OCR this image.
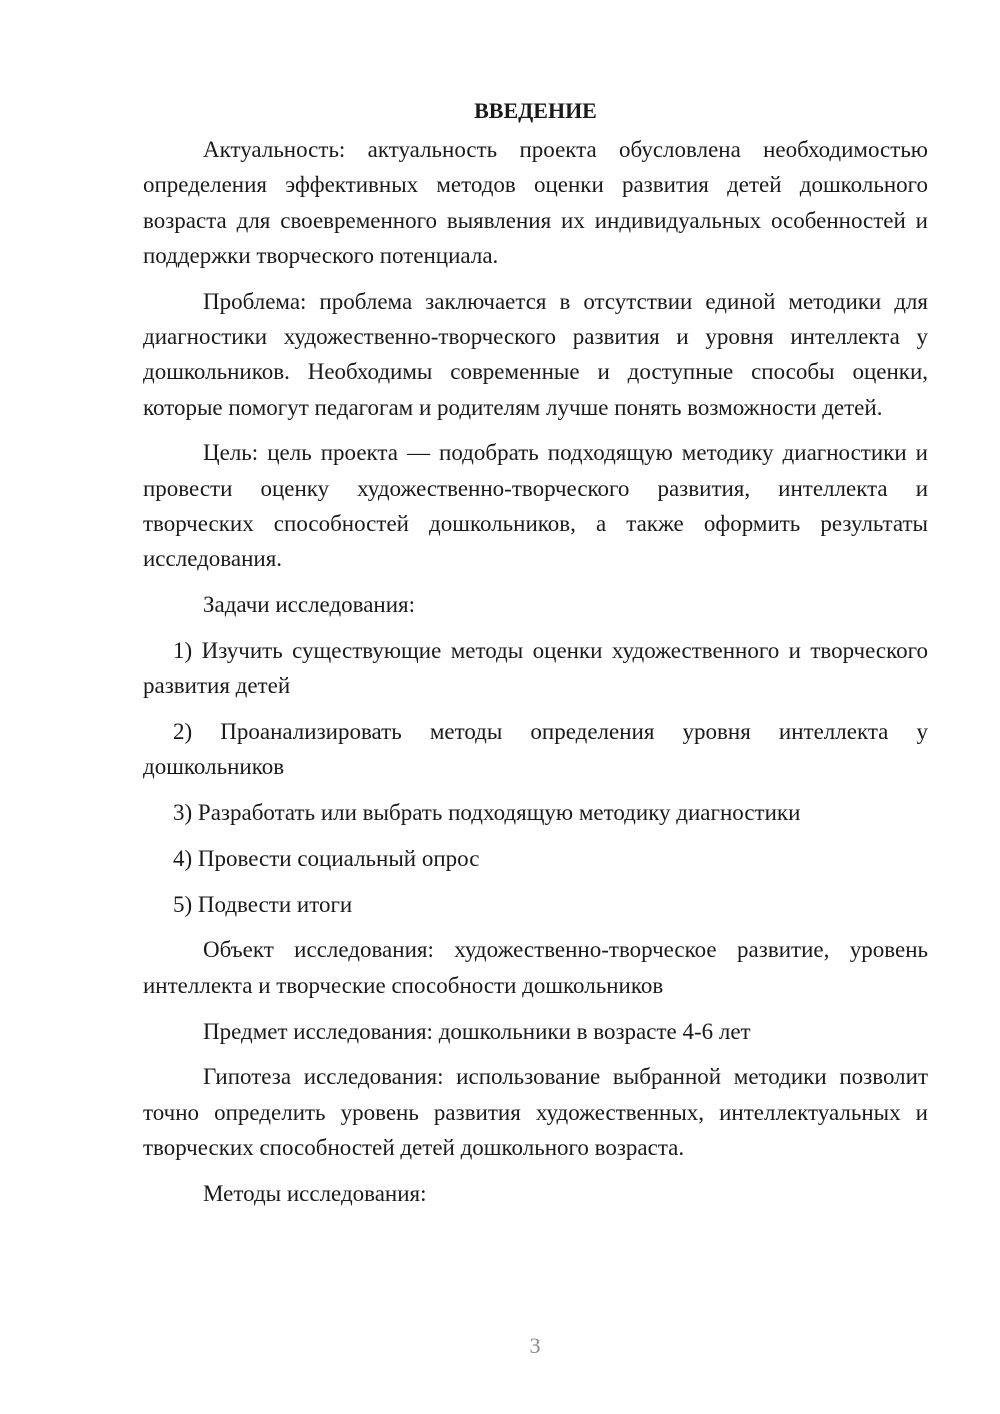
ВВЕДЕНИЕ

Актуальность: актуальность проекта обусловлена необходимостью определения эффективных методов оценки развития детей дошкольного возраста для своевременного выявления их индивидуальных особенностей и поддержки творческого потенциала.

Проблема: проблема заключается в отсутствии единой методики для диагностики художественно-творческого развития и уровня интеллекта у дошкольников. Необходимы современные и доступные способы оценки, которые помогут педагогам и родителям лучше понять возможности детей.

Цель: цель проекта — подобрать подходящую методику диагностики и провести оценку художественно-творческого развития, интеллекта и творческих способностей дошкольников, а также оформить результаты исследования.

Задачи исследования:

1) Изучить существующие методы оценки художественного и творческого развития детей

2) Проанализировать методы определения уровня интеллекта у дошкольников

3) Разработать или выбрать подходящую методику диагностики

4) Провести социальный опрос

5) Подвести итоги

Объект исследования: художественно-творческое развитие, уровень интеллекта и творческие способности дошкольников

Предмет исследования: дошкольники в возрасте 4-6 лет

Гипотеза исследования: использование выбранной методики позволит точно определить уровень развития художественных, интеллектуальных и творческих способностей детей дошкольного возраста.

Методы исследования:

3
